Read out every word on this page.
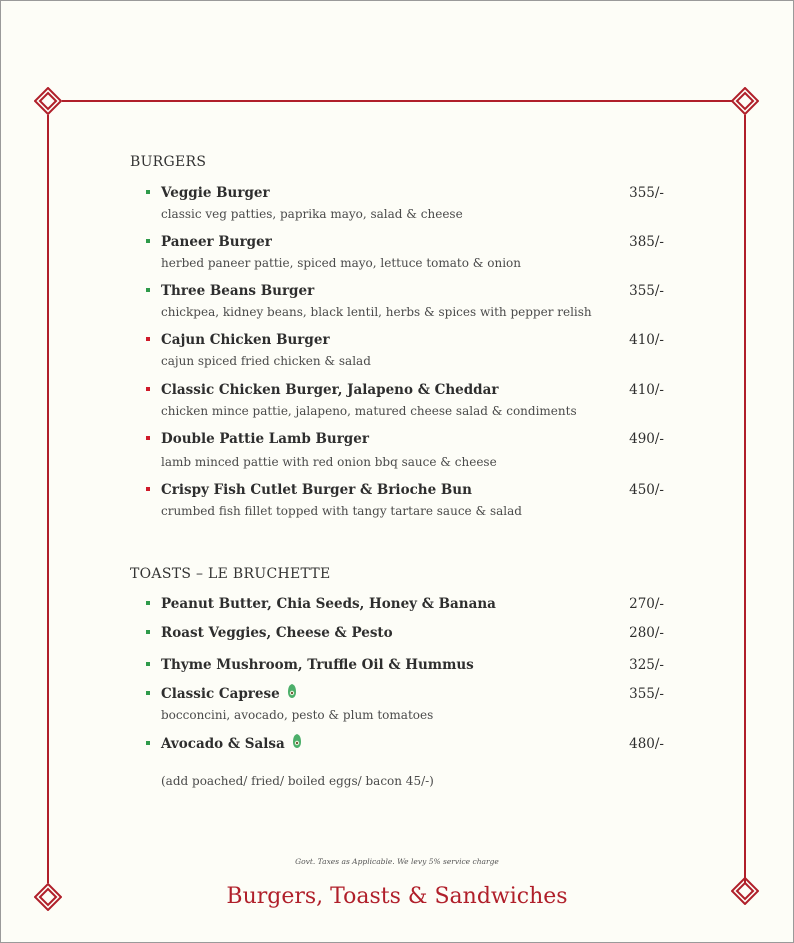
BURGERS
Veggie Burger	355/-
classic veg patties, paprika mayo, salad & cheese
Paneer Burger	385/-
herbed paneer pattie, spiced mayo, lettuce tomato & onion
Three Beans Burger	355/-
chickpea, kidney beans, black lentil, herbs & spices with pepper relish
Cajun Chicken Burger	410/-
cajun spiced fried chicken & salad
Classic Chicken Burger, Jalapeno & Cheddar	410/-
chicken mince pattie, jalapeno, matured cheese salad & condiments
Double Pattie Lamb Burger	490/-
lamb minced pattie with red onion bbq sauce & cheese
Crispy Fish Cutlet Burger & Brioche Bun	450/-
crumbed fish fillet topped with tangy tartare sauce & salad
TOASTS – LE BRUCHETTE
Peanut Butter, Chia Seeds, Honey & Banana	270/-
Roast Veggies, Cheese & Pesto	280/-
Thyme Mushroom, Truffle Oil & Hummus	325/-
Classic Caprese	355/-
bocconcini, avocado, pesto & plum tomatoes
Avocado & Salsa	480/-
(add poached/ fried/ boiled eggs/ bacon 45/-)
Govt. Taxes as Applicable. We levy 5% service charge
Burgers, Toasts & Sandwiches
